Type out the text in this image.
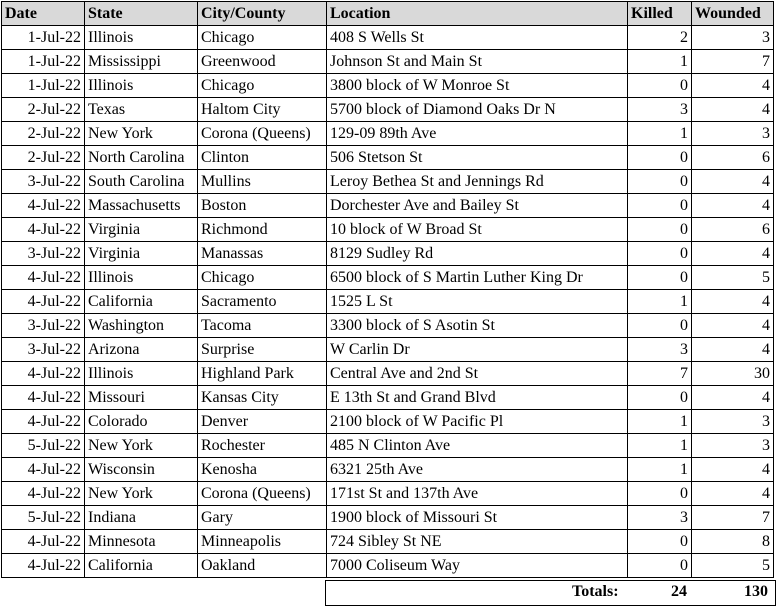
Date	State	City/County	Location	Killed	Wounded
1-Jul-22	Illinois	Chicago	408 S Wells St	2	3
1-Jul-22	Mississippi	Greenwood	Johnson St and Main St	1	7
1-Jul-22	Illinois	Chicago	3800 block of W Monroe St	0	4
2-Jul-22	Texas	Haltom City	5700 block of Diamond Oaks Dr N	3	4
2-Jul-22	New York	Corona (Queens)	129-09 89th Ave	1	3
2-Jul-22	North Carolina	Clinton	506 Stetson St	0	6
3-Jul-22	South Carolina	Mullins	Leroy Bethea St and Jennings Rd	0	4
4-Jul-22	Massachusetts	Boston	Dorchester Ave and Bailey St	0	4
4-Jul-22	Virginia	Richmond	10 block of W Broad St	0	6
3-Jul-22	Virginia	Manassas	8129 Sudley Rd	0	4
4-Jul-22	Illinois	Chicago	6500 block of S Martin Luther King Dr	0	5
4-Jul-22	California	Sacramento	1525 L St	1	4
3-Jul-22	Washington	Tacoma	3300 block of S Asotin St	0	4
3-Jul-22	Arizona	Surprise	W Carlin Dr	3	4
4-Jul-22	Illinois	Highland Park	Central Ave and 2nd St	7	30
4-Jul-22	Missouri	Kansas City	E 13th St and Grand Blvd	0	4
4-Jul-22	Colorado	Denver	2100 block of W Pacific Pl	1	3
5-Jul-22	New York	Rochester	485 N Clinton Ave	1	3
4-Jul-22	Wisconsin	Kenosha	6321 25th Ave	1	4
4-Jul-22	New York	Corona (Queens)	171st St and 137th Ave	0	4
5-Jul-22	Indiana	Gary	1900 block of Missouri St	3	7
4-Jul-22	Minnesota	Minneapolis	724 Sibley St NE	0	8
4-Jul-22	California	Oakland	7000 Coliseum Way	0	5
Totals:	24	130
